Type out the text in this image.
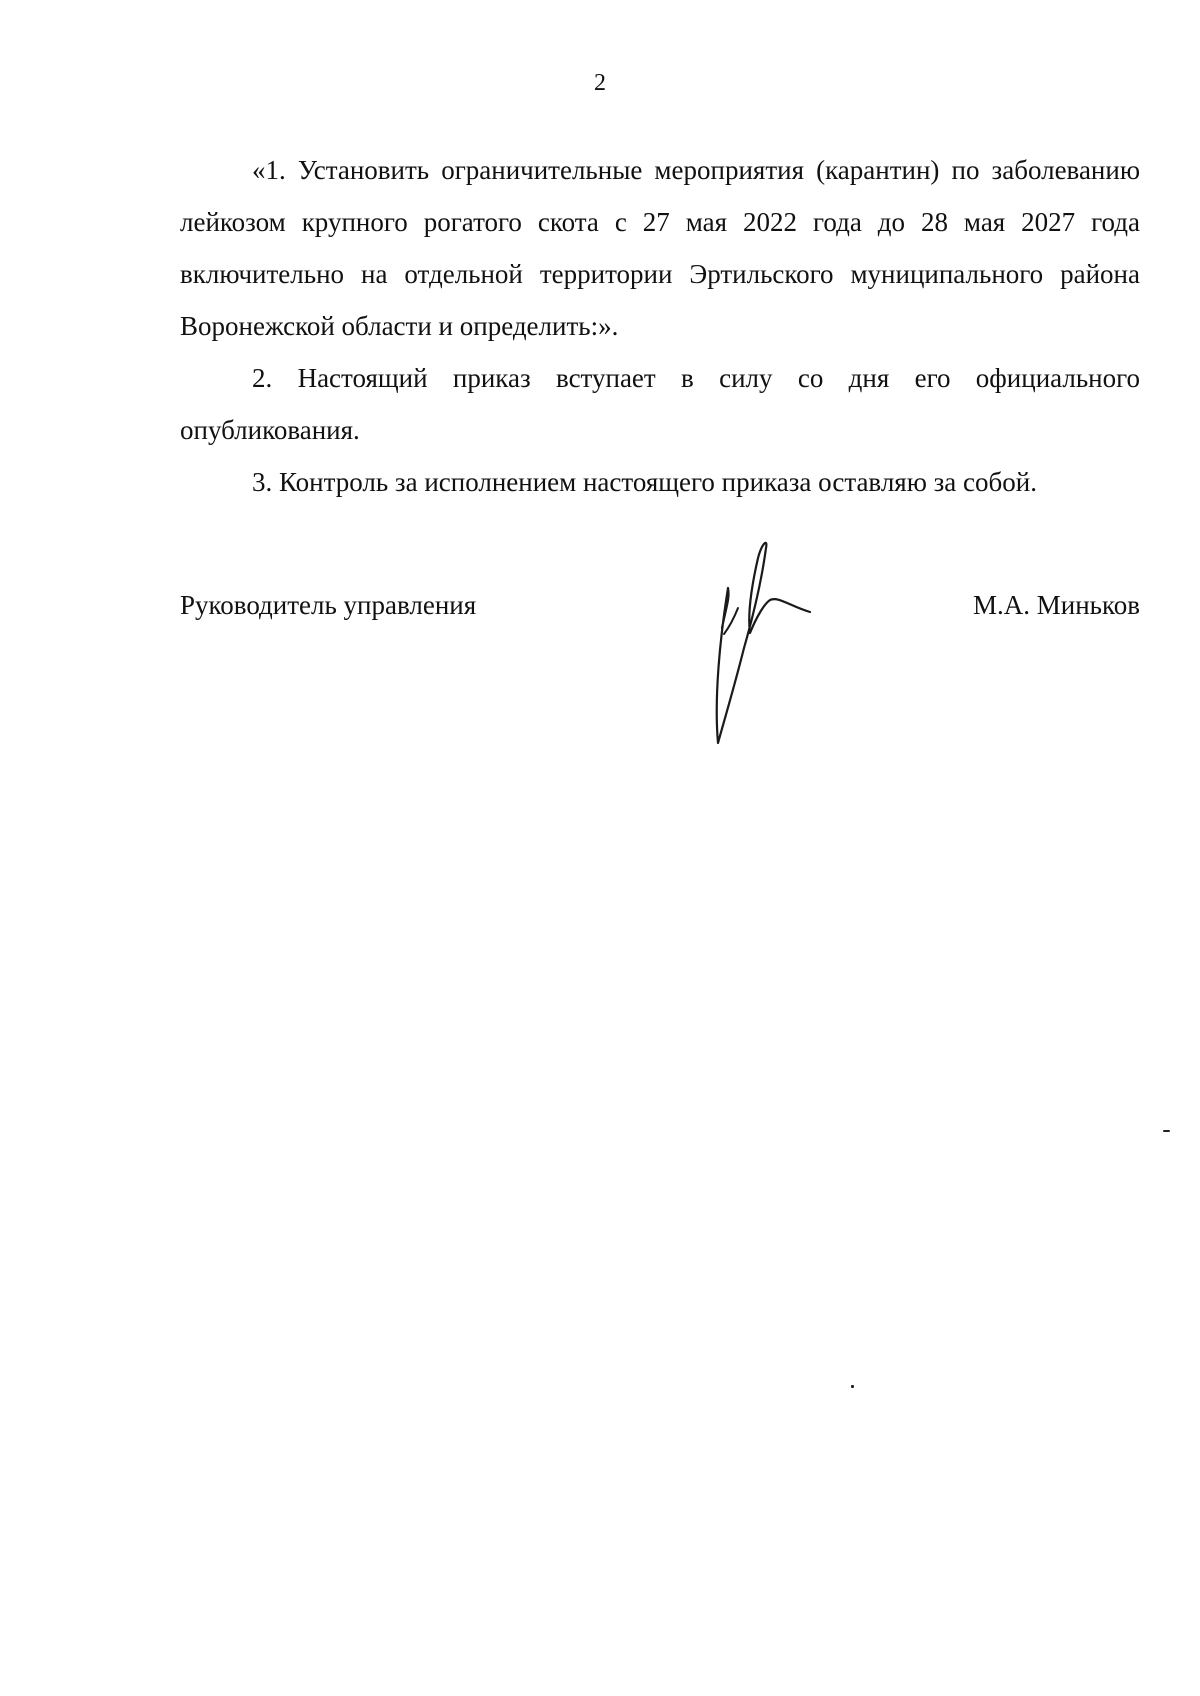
2

«1. Установить ограничительные мероприятия (карантин) по заболеванию лейкозом крупного рогатого скота с 27 мая 2022 года до 28 мая 2027 года включительно на отдельной территории Эртильского муниципального района Воронежской области и определить:».

2. Настоящий приказ вступает в силу со дня его официального опубликования.

3. Контроль за исполнением настоящего приказа оставляю за собой.

Руководитель управления	М.А. Миньков
